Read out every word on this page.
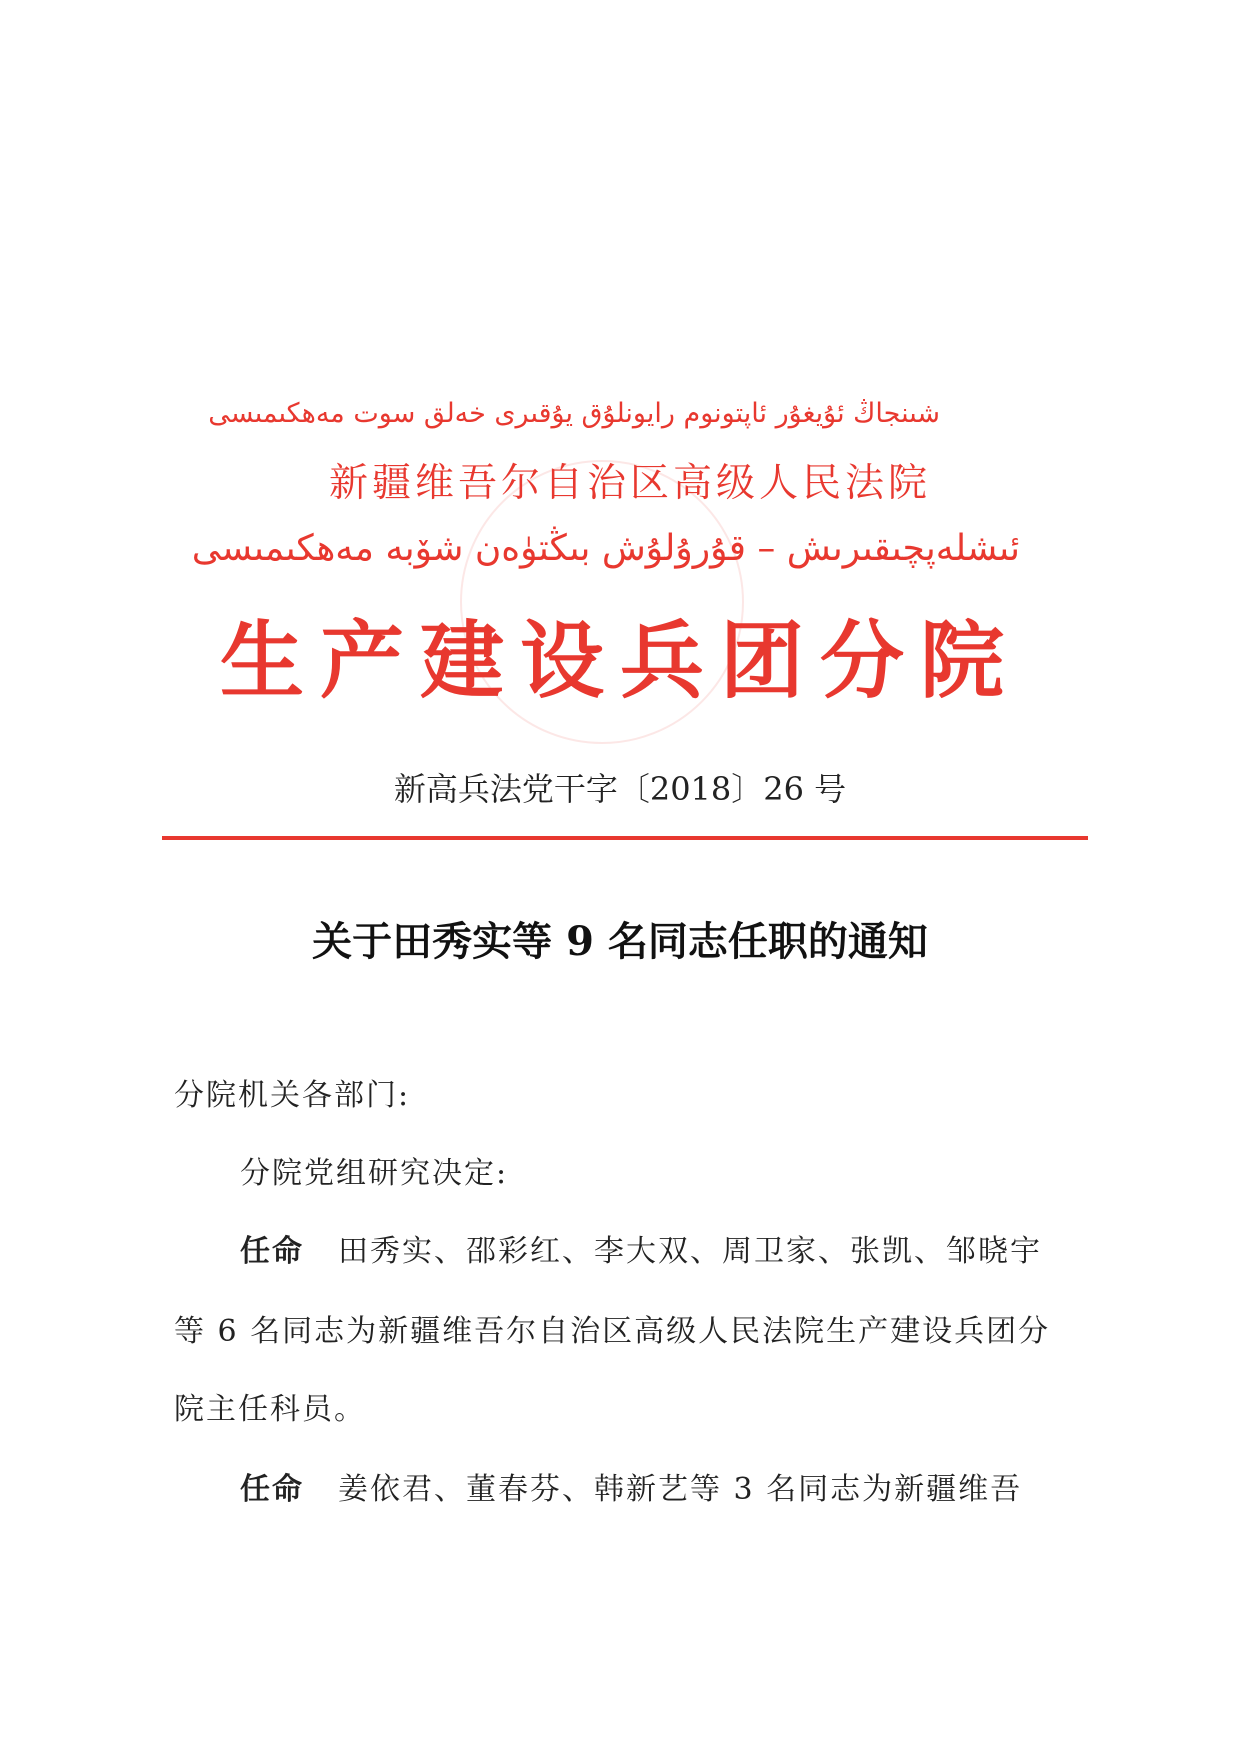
شىنجاڭ ئۇيغۇر ئاپتونوم رايونلۇق يۇقىرى خەلق سوت مەھكىمىسى
新疆维吾尔自治区高级人民法院
ئىشلەپچىقىرىش – قۇرۇلۇش بىڭتۈەن شۆبە مەھكىمىسى
生产建设兵团分院
新高兵法党干字〔2018〕26 号
关于田秀实等 9 名同志任职的通知
分院机关各部门:
分院党组研究决定:
任命 田秀实、邵彩红、李大双、周卫家、张凯、邹晓宇
等 6 名同志为新疆维吾尔自治区高级人民法院生产建设兵团分
院主任科员。
任命 姜依君、董春芬、韩新艺等 3 名同志为新疆维吾
